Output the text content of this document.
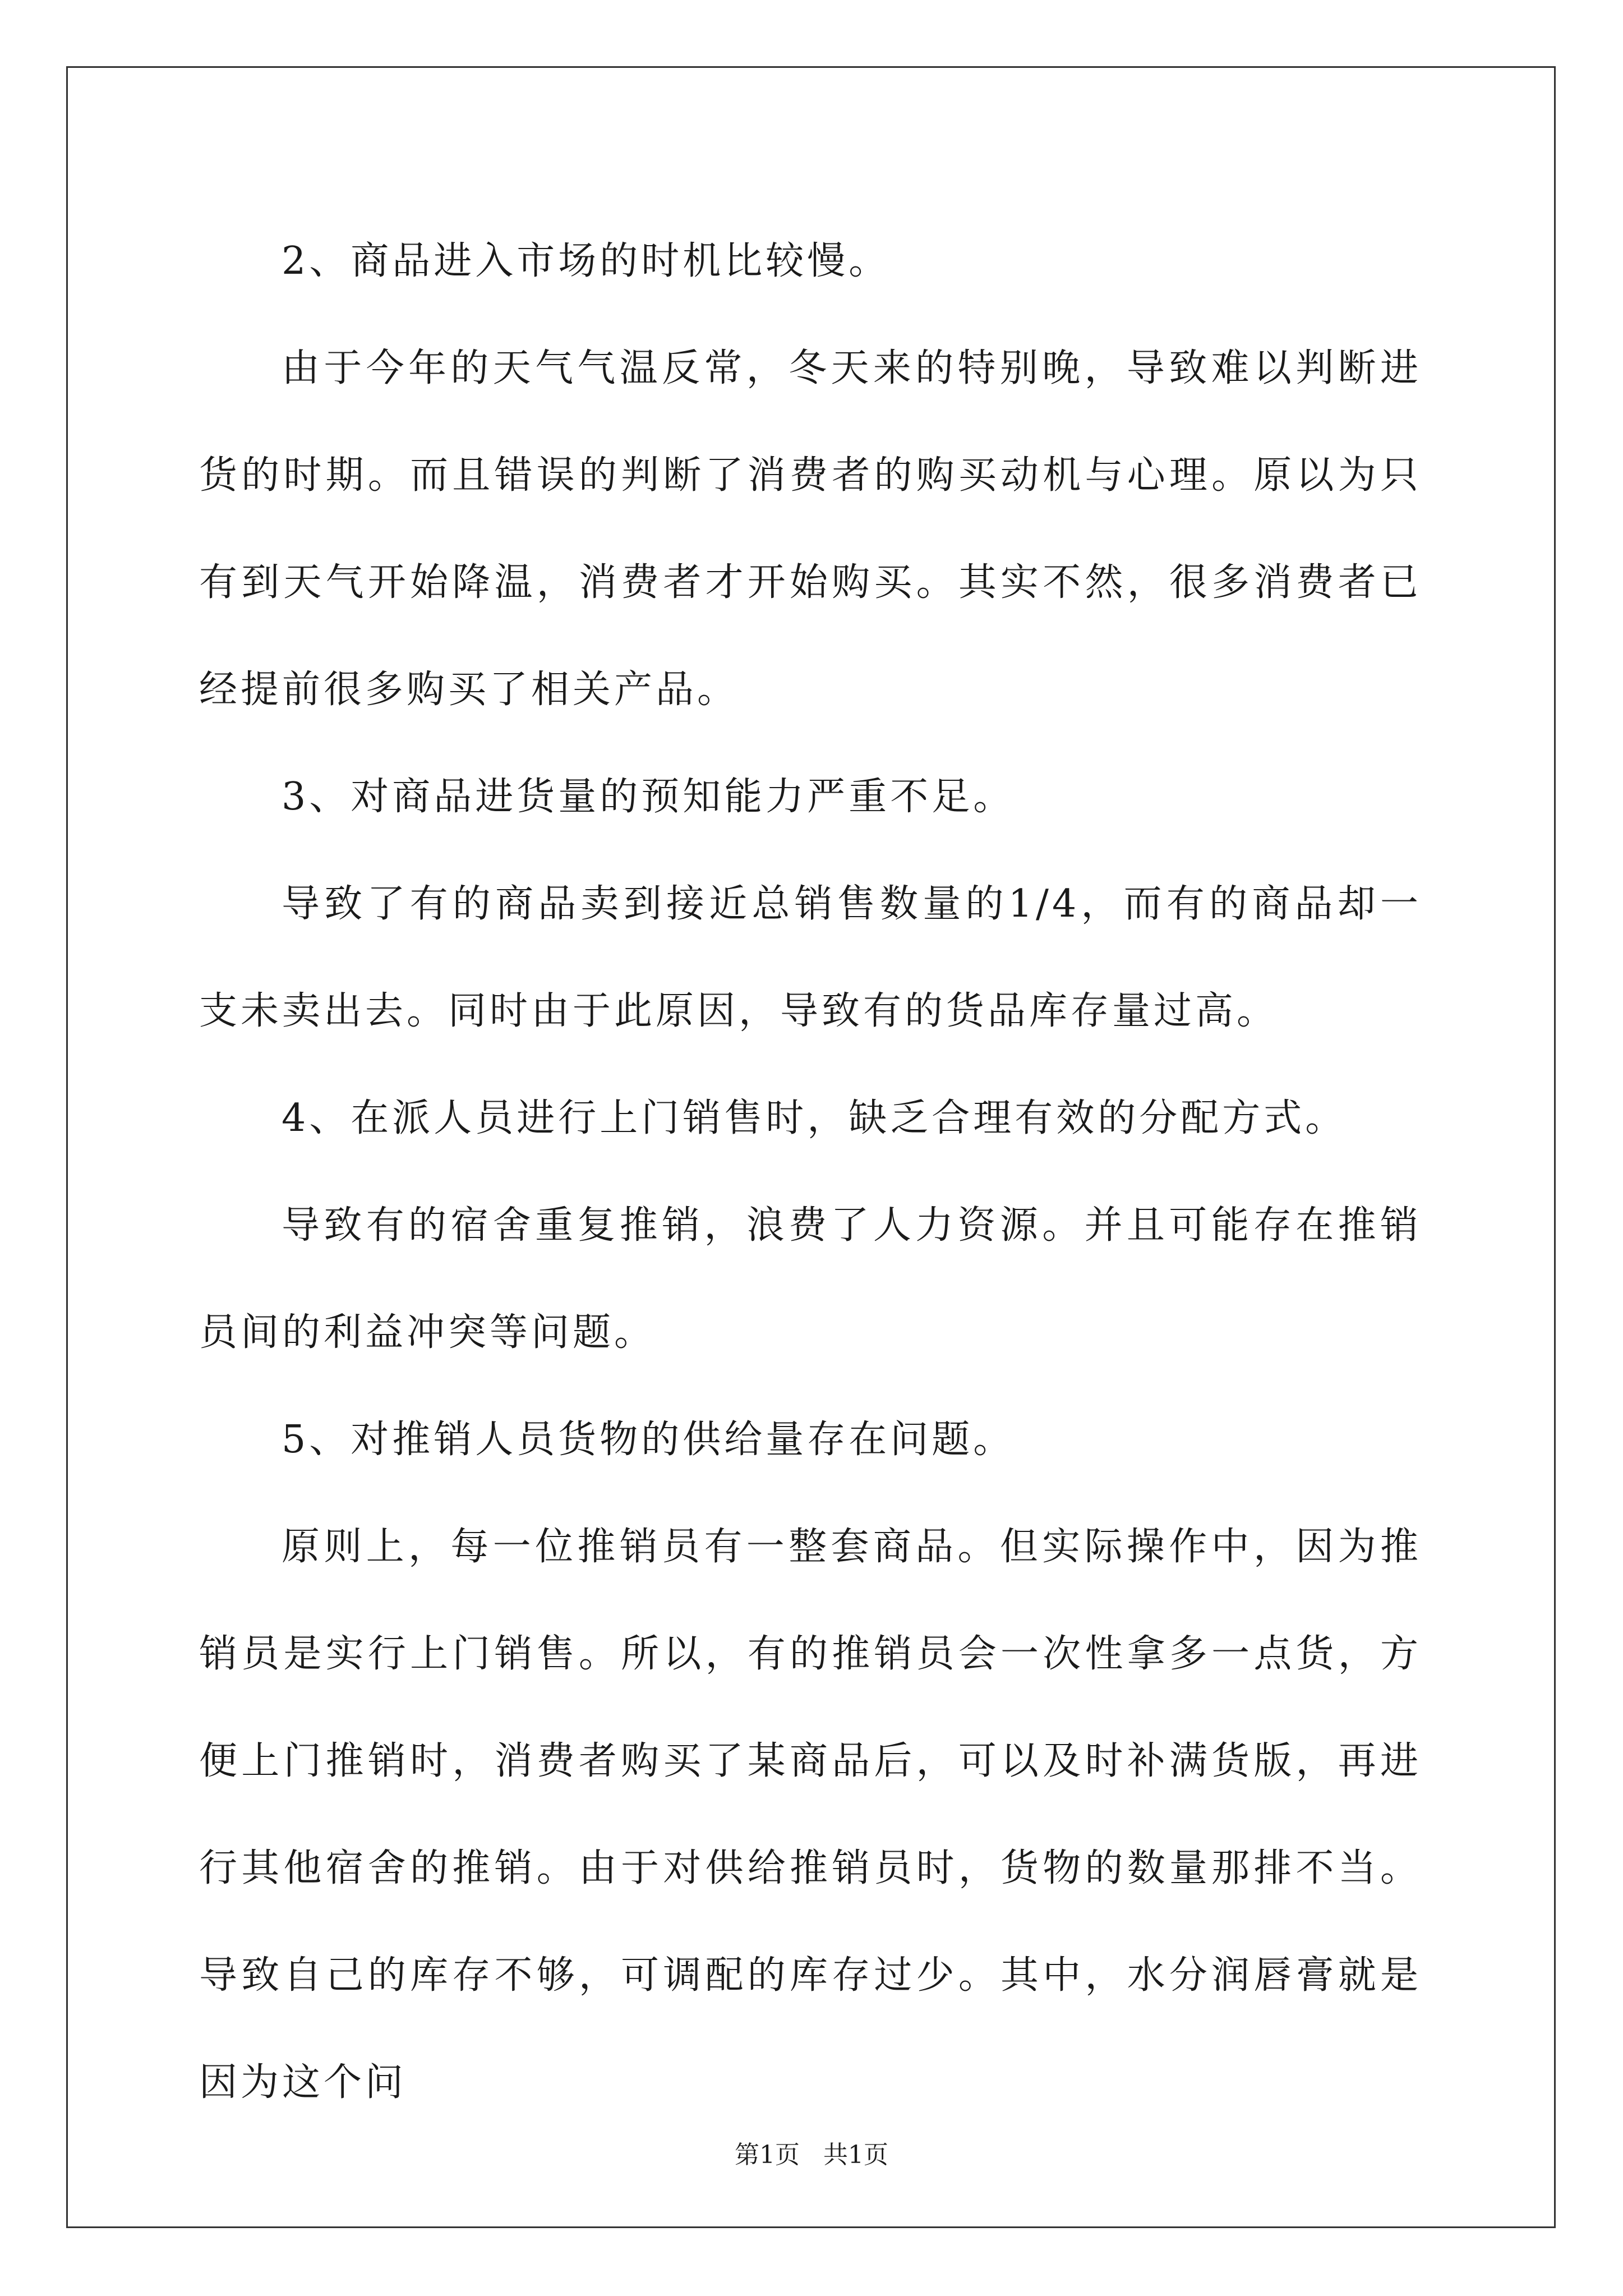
2、商品进入市场的时机比较慢。

由于今年的天气气温反常，冬天来的特别晚，导致难以判断进货的时期。而且错误的判断了消费者的购买动机与心理。原以为只有到天气开始降温，消费者才开始购买。其实不然，很多消费者已经提前很多购买了相关产品。

3、对商品进货量的预知能力严重不足。

导致了有的商品卖到接近总销售数量的1/4，而有的商品却一支未卖出去。同时由于此原因，导致有的货品库存量过高。

4、在派人员进行上门销售时，缺乏合理有效的分配方式。

导致有的宿舍重复推销，浪费了人力资源。并且可能存在推销员间的利益冲突等问题。

5、对推销人员货物的供给量存在问题。

原则上，每一位推销员有一整套商品。但实际操作中，因为推销员是实行上门销售。所以，有的推销员会一次性拿多一点货，方便上门推销时，消费者购买了某商品后，可以及时补满货版，再进行其他宿舍的推销。由于对供给推销员时，货物的数量那排不当。导致自己的库存不够，可调配的库存过少。其中，水分润唇膏就是因为这个问

第1页 共1页
